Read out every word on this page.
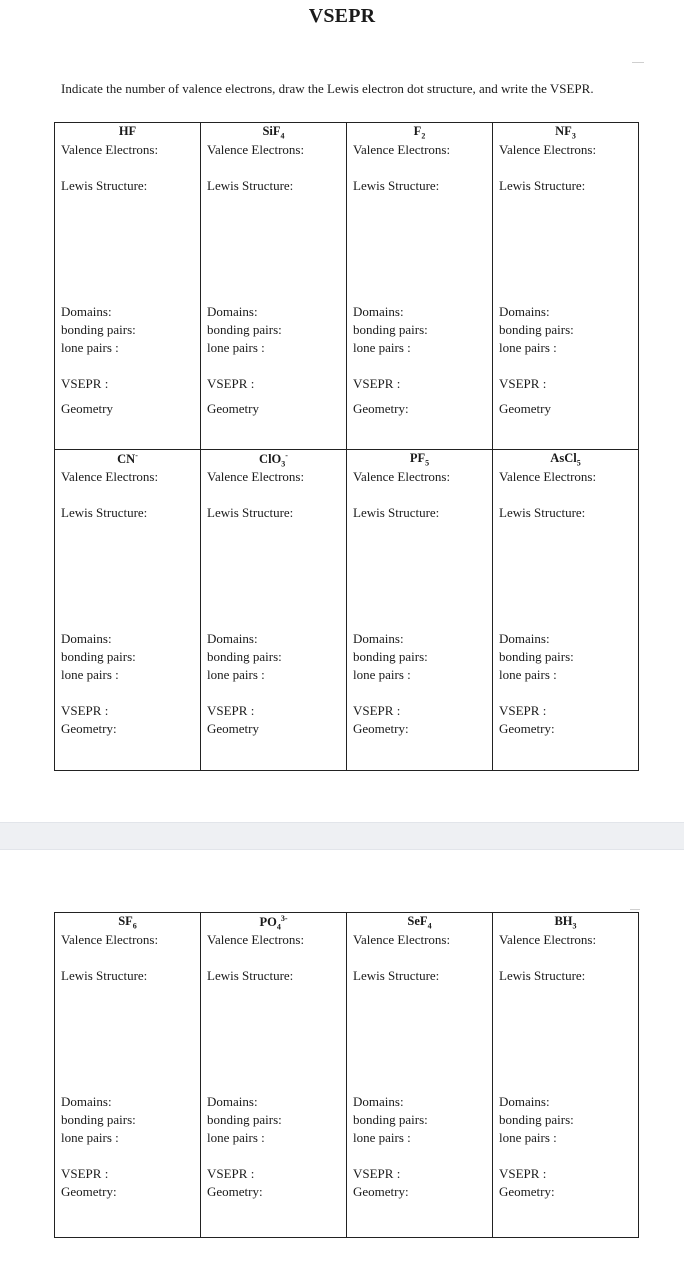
VSEPR
Indicate the number of valence electrons, draw the Lewis electron dot structure, and write the VSEPR.
HF
Valence Electrons:
Lewis Structure:
Domains:
bonding pairs:
lone pairs :
VSEPR :
Geometry
SiF$_4$
Valence Electrons:
Lewis Structure:
Domains:
bonding pairs:
lone pairs :
VSEPR :
Geometry
$F_2$
Valence Electrons:
Lewis Structure:
Domains:
bonding pairs:
lone pairs :
VSEPR :
Geometry:
$NF_3$
Valence Electrons:
Lewis Structure:
Domains:
bonding pairs:
lone pairs :
VSEPR :
Geometry
CN-
Valence Electrons:
Lewis Structure:
Domains:
bonding pairs:
lone pairs :
VSEPR :
Geometry:
ClO$_3$-
Valence Electrons:
Lewis Structure:
Domains:
bonding pairs:
lone pairs :
VSEPR :
Geometry
$PF_5$
Valence Electrons:
Lewis Structure:
Domains:
bonding pairs:
lone pairs :
VSEPR :
Geometry:
AsCl$_5$
Valence Electrons:
Lewis Structure:
Domains:
bonding pairs:
lone pairs :
VSEPR :
Geometry:
$SF_6$
Valence Electrons:
Lewis Structure:
Domains:
bonding pairs:
lone pairs :
VSEPR :
Geometry:
$PO_4^{3-}$
Valence Electrons:
Lewis Structure:
Domains:
bonding pairs:
lone pairs :
VSEPR :
Geometry:
SeF$_4$
Valence Electrons:
Lewis Structure:
Domains:
bonding pairs:
lone pairs :
VSEPR :
Geometry:
$BH_3$
Valence Electrons:
Lewis Structure:
Domains:
bonding pairs:
lone pairs :
VSEPR :
Geometry:
